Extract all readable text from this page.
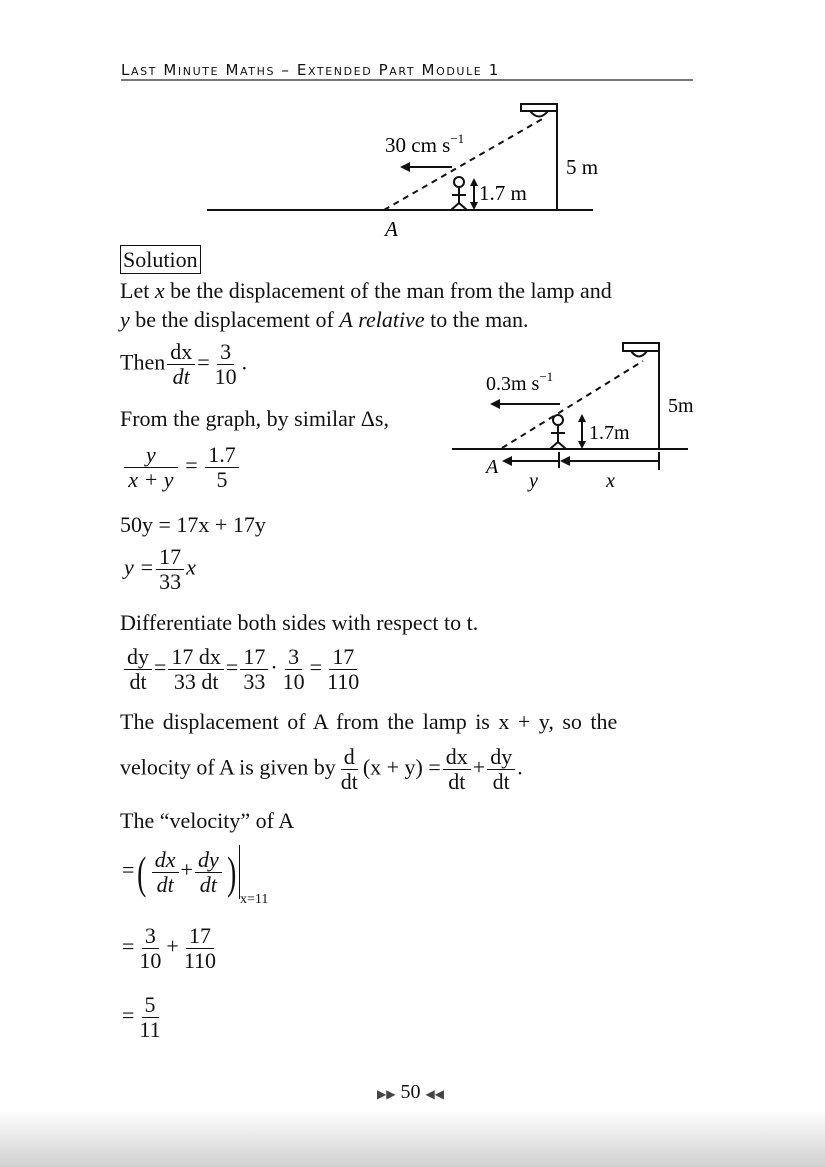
Last Minute Maths – Extended Part Module 1
30 cm $s^{-1}$
5 m
1.7 m
A
Solution
Let x be the displacement of the man from the lamp and
y be the displacement of A relative to the man.
Then $\frac{dx}{dt} = \frac{3}{10}$ .
0.3m $s^{-1}$
5m
1.7m
A
y	x
From the graph, by similar Δs,
$\frac{y}{x + y} = \frac{1.7}{5}$
50y = 17x + 17y
$y = \frac{17}{33}$ x
Differentiate both sides with respect to t.
$\frac{dy}{dt} = \frac{17 dx}{33 dt} = \frac{17}{33} \cdot \frac{3}{10} = \frac{17}{110}$
The displacement of A from the lamp is x + y, so the
velocity of A is given by $\frac{d}{dt} (x + y) = \frac{dx}{dt} + \frac{dy}{dt}$ .
The “velocity” of A
=( $\frac{dx}{dt} + \frac{dy}{dt} )_{x=11}$
= $\frac{3}{10} + \frac{17}{110}$
= $\frac{5}{11}$
▶▶ 50 ◀◀
